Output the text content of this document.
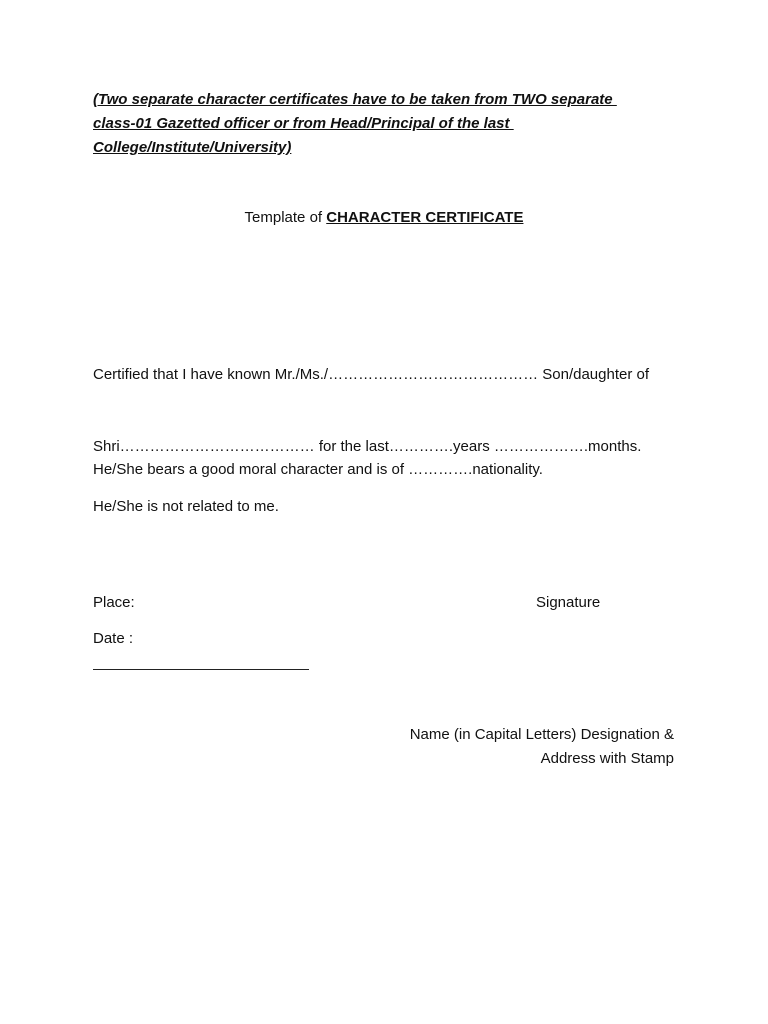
(Two separate character certificates have to be taken from TWO separate
class-01 Gazetted officer or from Head/Principal of the last
College/Institute/University)
Template of CHARACTER CERTIFICATE

Certified that I have known Mr./Ms./…………………………………… Son/daughter of

Shri………………………………… for the last………….years ……………….months.

He/She bears a good moral character and is of ………….nationality.

He/She is not related to me.

Place:	Signature
Date :
Name (in Capital Letters) Designation &
Address with Stamp
